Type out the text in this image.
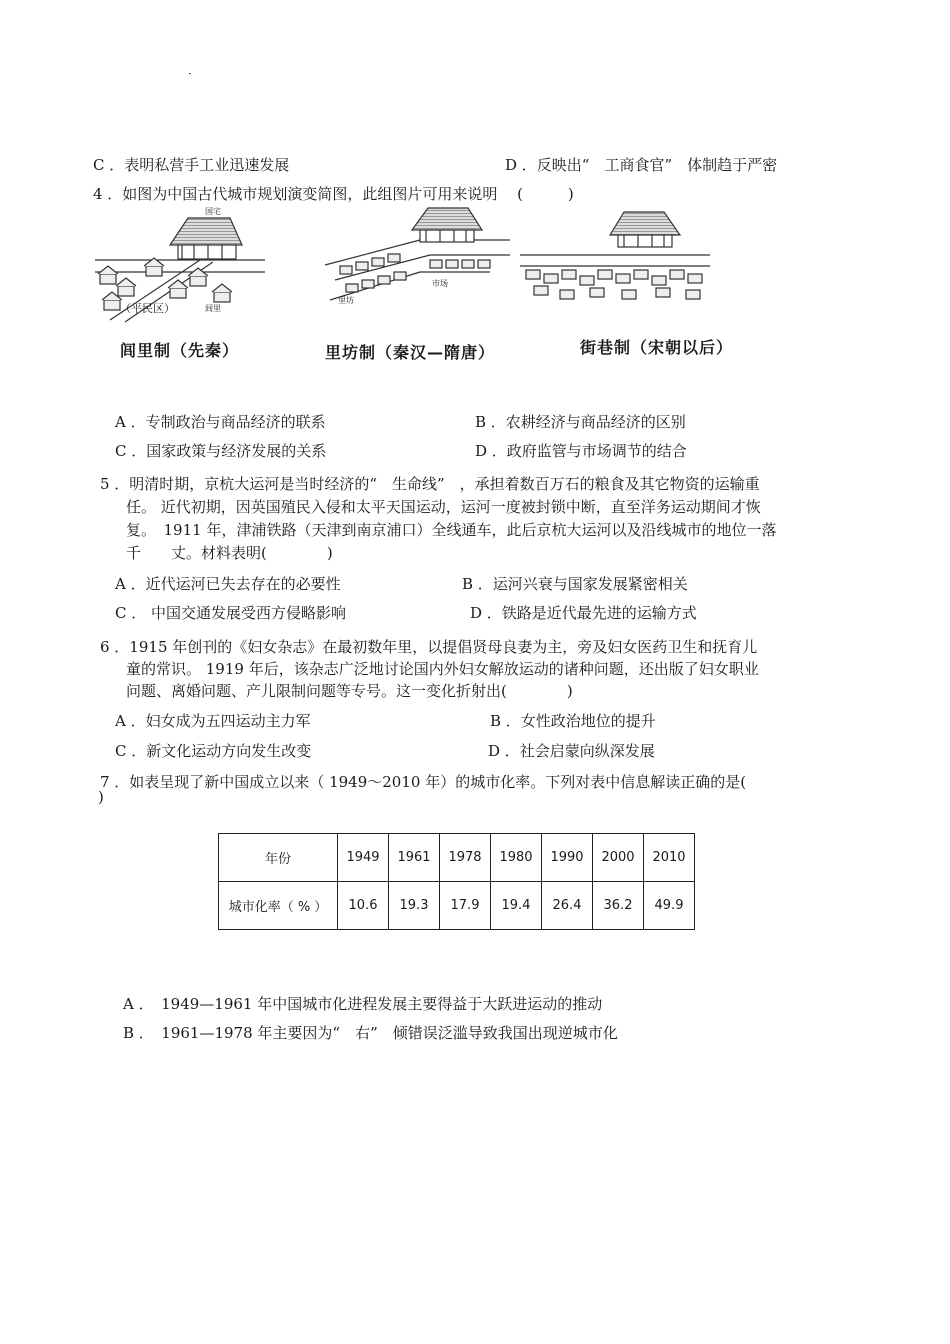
C ．表明私营手工业迅速发展	D ．反映出“　工商食官”　体制趋于严密
4 ．如图为中国古代城市规划演变简图，此组图片可用来说明　 (　　　)
国宅
（平民区）	闾里
里坊
市场
闾里制（先秦）	里坊制（秦汉—隋唐）	街巷制（宋朝以后）
A ．专制政治与商品经济的联系	B ．农耕经济与商品经济的区别
C ．国家政策与经济发展的关系	D ．政府监管与市场调节的结合
5 ．明清时期，京杭大运河是当时经济的“　生命线”　，承担着数百万石的粮食及其它物资的运输重
任。 近代初期，因英国殖民入侵和太平天国运动，运河一度被封锁中断，直至洋务运动期间才恢
复。　1911 年，津浦铁路（天津到南京浦口）全线通车，此后京杭大运河以及沿线城市的地位一落
千　　丈。材料表明(　　　　)
A ．近代运河已失去存在的必要性	B ．运河兴衰与国家发展紧密相关
C ． 中国交通发展受西方侵略影响	D ．铁路是近代最先进的运输方式
6 ．1915 年创刊的《妇女杂志》在最初数年里，以提倡贤母良妻为主，旁及妇女医药卫生和抚育儿
童的常识。 1919 年后，该杂志广泛地讨论国内外妇女解放运动的诸种问题，还出版了妇女职业
问题、离婚问题、产儿限制问题等专号。这一变化折射出(　　　　)
A ．妇女成为五四运动主力军	B ．女性政治地位的提升
C ．新文化运动方向发生改变	D ．社会启蒙向纵深发展
7 ．如表呈现了新中国成立以来（ 1949～2010 年）的城市化率。下列对表中信息解读正确的是(
)
年份	1949	1961	1978	1980	1990	2000	2010
城市化率（ % ）	10.6	19.3	17.9	19.4	26.4	36.2	49.9
A ．　1949—1961 年中国城市化进程发展主要得益于大跃进运动的推动
B ．　1961—1978 年主要因为“　右”　倾错误泛滥导致我国出现逆城市化
